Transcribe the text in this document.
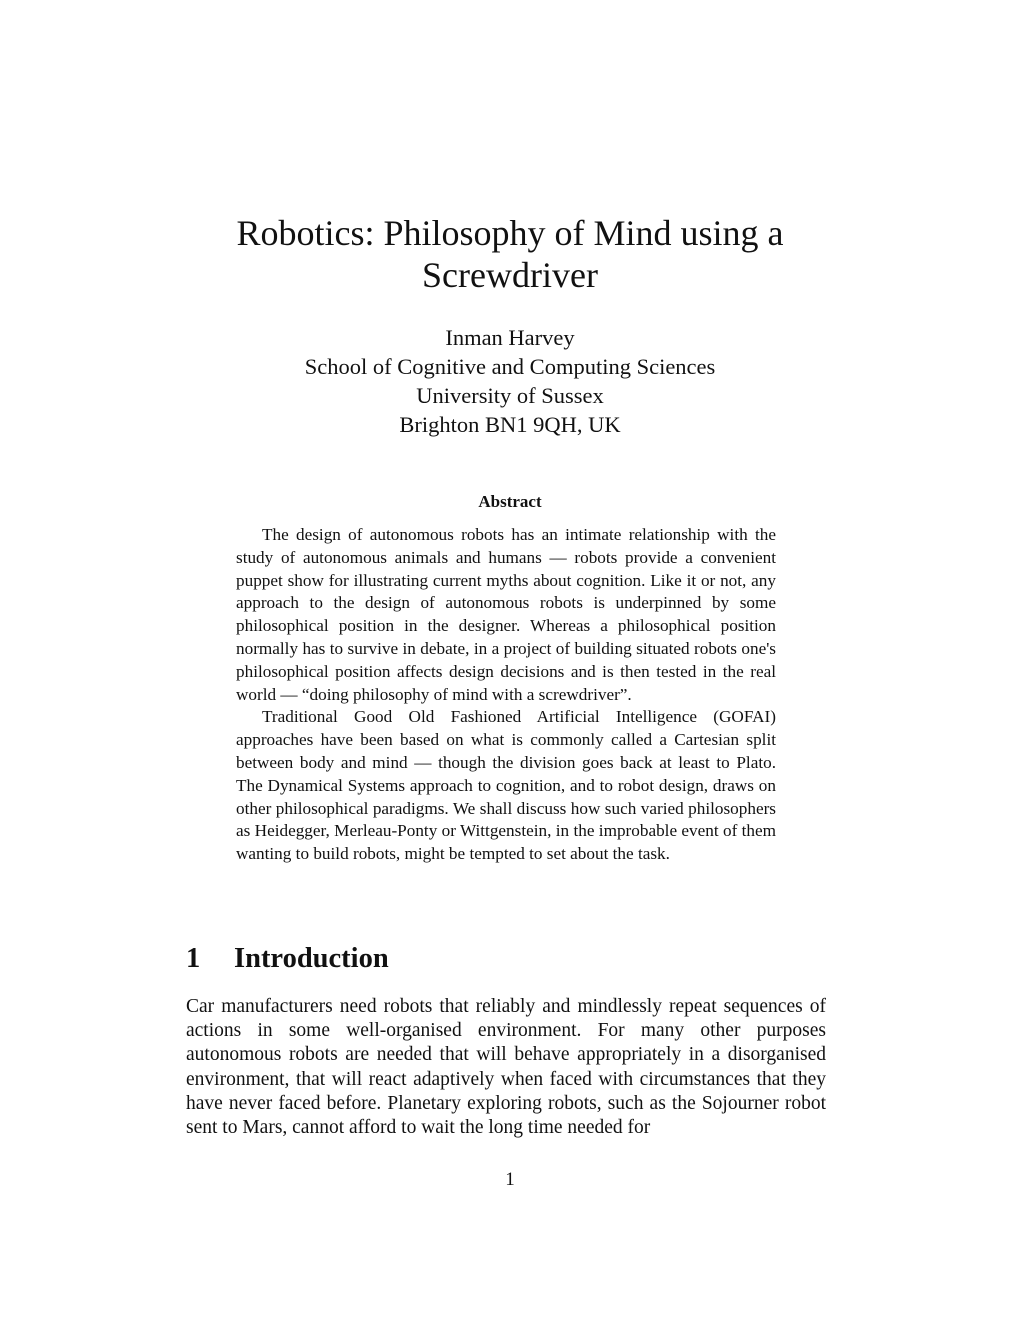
Robotics: Philosophy of Mind using a Screwdriver
Inman Harvey
School of Cognitive and Computing Sciences
University of Sussex
Brighton BN1 9QH, UK
Abstract

The design of autonomous robots has an intimate relationship with the study of autonomous animals and humans — robots provide a convenient puppet show for illustrating current myths about cognition. Like it or not, any approach to the design of autonomous robots is underpinned by some philosophical position in the designer. Whereas a philosophical position normally has to survive in debate, in a project of building situated robots one's philosophical position affects design decisions and is then tested in the real world — “doing philosophy of mind with a screwdriver”.

Traditional Good Old Fashioned Artificial Intelligence (GOFAI) approaches have been based on what is commonly called a Cartesian split between body and mind — though the division goes back at least to Plato. The Dynamical Systems approach to cognition, and to robot design, draws on other philosophical paradigms. We shall discuss how such varied philosophers as Heidegger, Merleau-Ponty or Wittgenstein, in the improbable event of them wanting to build robots, might be tempted to set about the task.

1 Introduction

Car manufacturers need robots that reliably and mindlessly repeat sequences of actions in some well-organised environment. For many other purposes autonomous robots are needed that will behave appropriately in a disorganised environment, that will react adaptively when faced with circumstances that they have never faced before. Planetary exploring robots, such as the Sojourner robot sent to Mars, cannot afford to wait the long time needed for

1
